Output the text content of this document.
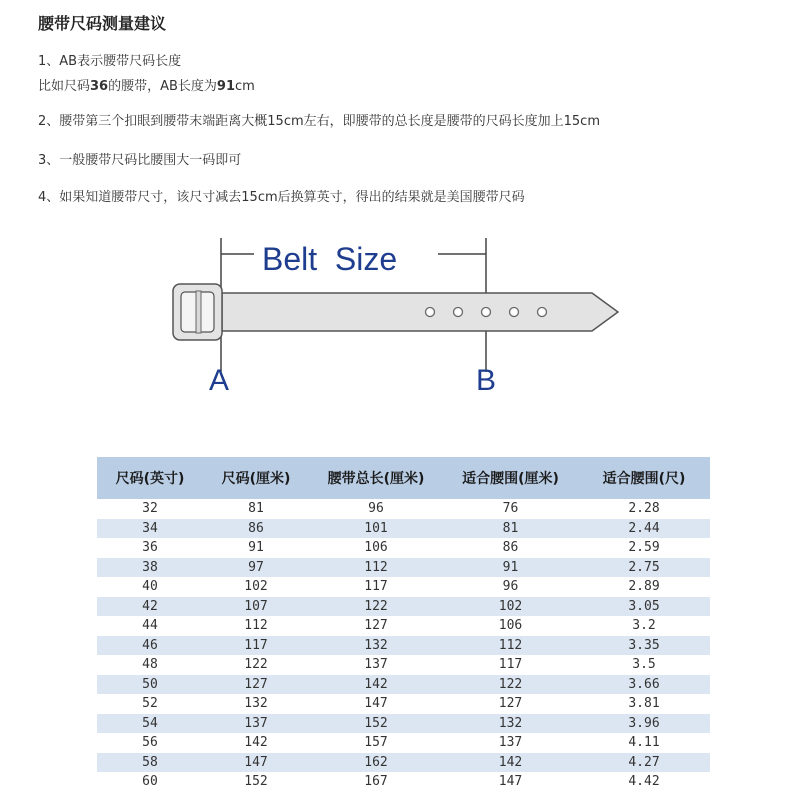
腰带尺码测量建议
1、AB表示腰带尺码长度
比如尺码36的腰带，AB长度为91cm
2、腰带第三个扣眼到腰带末端距离大概15cm左右，即腰带的总长度是腰带的尺码长度加上15cm
3、一般腰带尺码比腰围大一码即可
4、如果知道腰带尺寸，该尺寸减去15cm后换算英寸，得出的结果就是美国腰带尺码
Belt  Size
A	B
尺码(英寸)	尺码(厘米)	腰带总长(厘米)	适合腰围(厘米)	适合腰围(尺)
32	81	96	76	2.28
34	86	101	81	2.44
36	91	106	86	2.59
38	97	112	91	2.75
40	102	117	96	2.89
42	107	122	102	3.05
44	112	127	106	3.2
46	117	132	112	3.35
48	122	137	117	3.5
50	127	142	122	3.66
52	132	147	127	3.81
54	137	152	132	3.96
56	142	157	137	4.11
58	147	162	142	4.27
60	152	167	147	4.42
